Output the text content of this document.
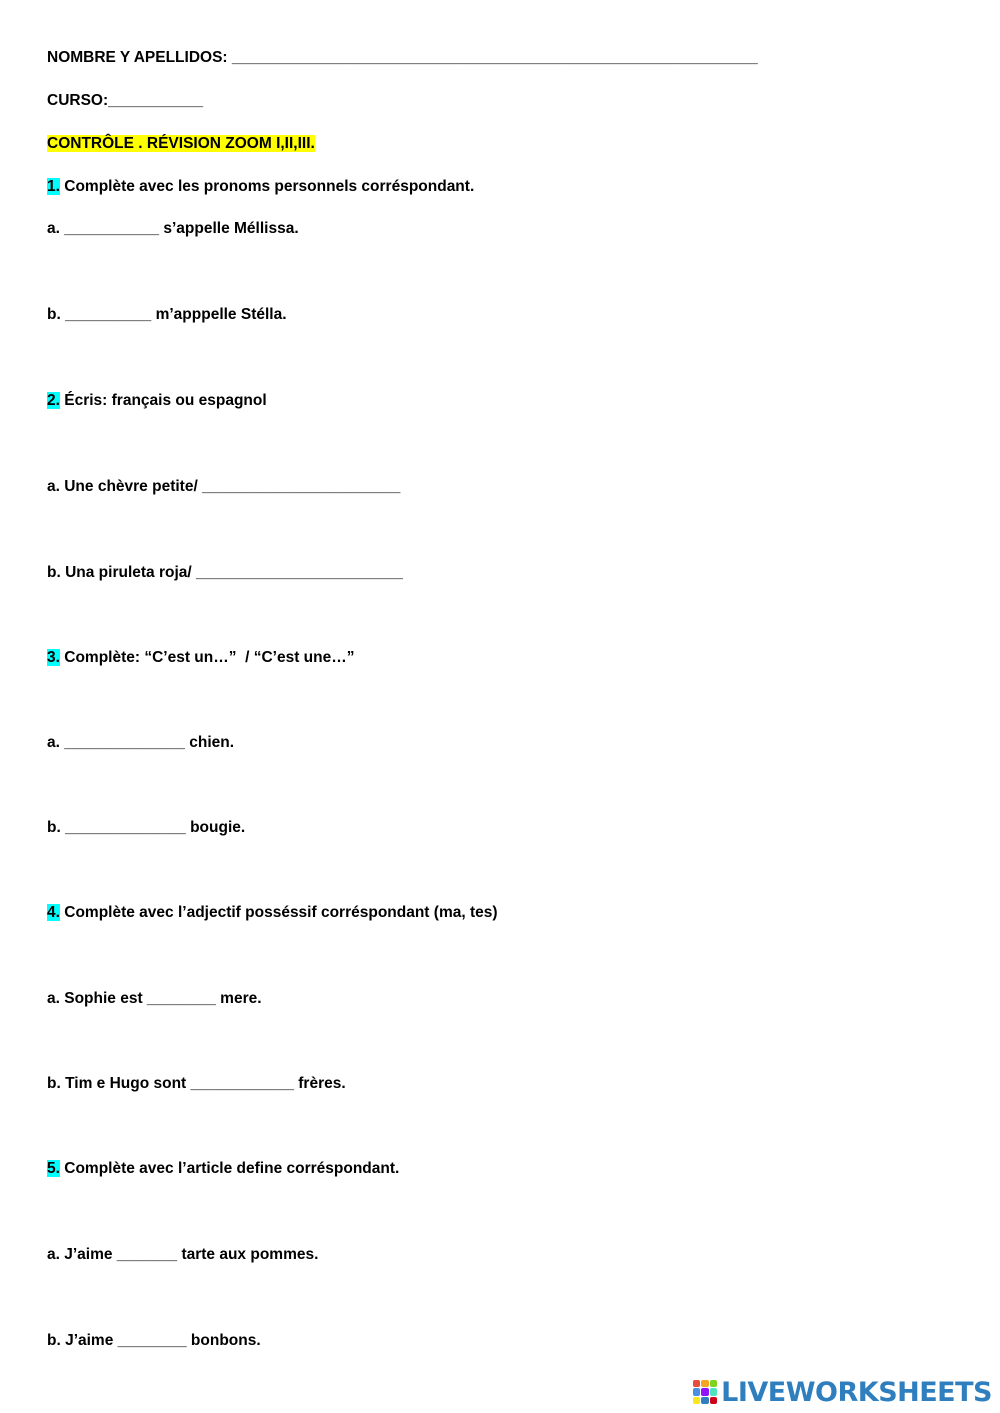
NOMBRE Y APELLIDOS: _____________________________________________________________

CURSO:___________

CONTRÔLE . RÉVISION ZOOM I,II,III.

1. Complète avec les pronoms personnels corréspondant.

a. ___________ s’appelle Méllissa.

b. __________ m’apppelle Stélla.

2. Écris: français ou espagnol

a. Une chèvre petite/ _______________________

b. Una piruleta roja/ ________________________

3. Complète: “C’est un…”  / “C’est une…”

a. ______________ chien.

b. ______________ bougie.

4. Complète avec l’adjectif posséssif corréspondant (ma, tes)

a. Sophie est ________ mere.

b. Tim e Hugo sont ____________ frères.

5. Complète avec l’article define corréspondant.

a. J’aime _______ tarte aux pommes.

b. J’aime ________ bonbons.

LIVEWORKSHEETS
